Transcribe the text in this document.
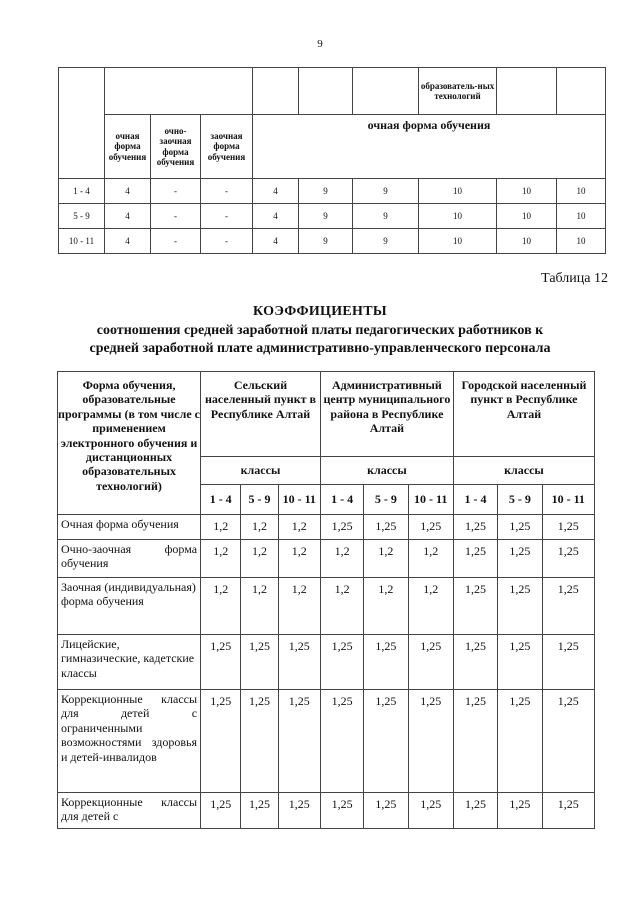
9
							образователь-ных технологий		
	очная форма обучения	очно-заочная форма обучения	заочная форма обучения	очная форма обучения					
1 - 4	4	-	-	4	9	9	10	10	10
5 - 9	4	-	-	4	9	9	10	10	10
10 - 11	4	-	-	4	9	9	10	10	10
Таблица 12
КОЭФФИЦИЕНТЫ
соотношения средней заработной платы педагогических работников к
средней заработной плате административно-управленческого персонала
Форма обучения, образовательные программы (в том числе с применением электронного обучения и дистанционных образовательных технологий)	Сельский населенный пункт в Республике Алтай			Административный центр муниципального района в Республике Алтай			Городской населенный пункт в Республике Алтай		
	классы			классы			классы		
	1 - 4	5 - 9	10 - 11	1 - 4	5 - 9	10 - 11	1 - 4	5 - 9	10 - 11
Очная форма обучения	1,2	1,2	1,2	1,25	1,25	1,25	1,25	1,25	1,25
Очно-заочная форма обучения	1,2	1,2	1,2	1,2	1,2	1,2	1,25	1,25	1,25
Заочная (индивидуальная) форма обучения	1,2	1,2	1,2	1,2	1,2	1,2	1,25	1,25	1,25
Лицейские, гимназические, кадетские классы	1,25	1,25	1,25	1,25	1,25	1,25	1,25	1,25	1,25
Коррекционные классы для детей с ограниченными возможностями здоровья и детей-инвалидов	1,25	1,25	1,25	1,25	1,25	1,25	1,25	1,25	1,25
Коррекционные классы для детей с	1,25	1,25	1,25	1,25	1,25	1,25	1,25	1,25	1,25
